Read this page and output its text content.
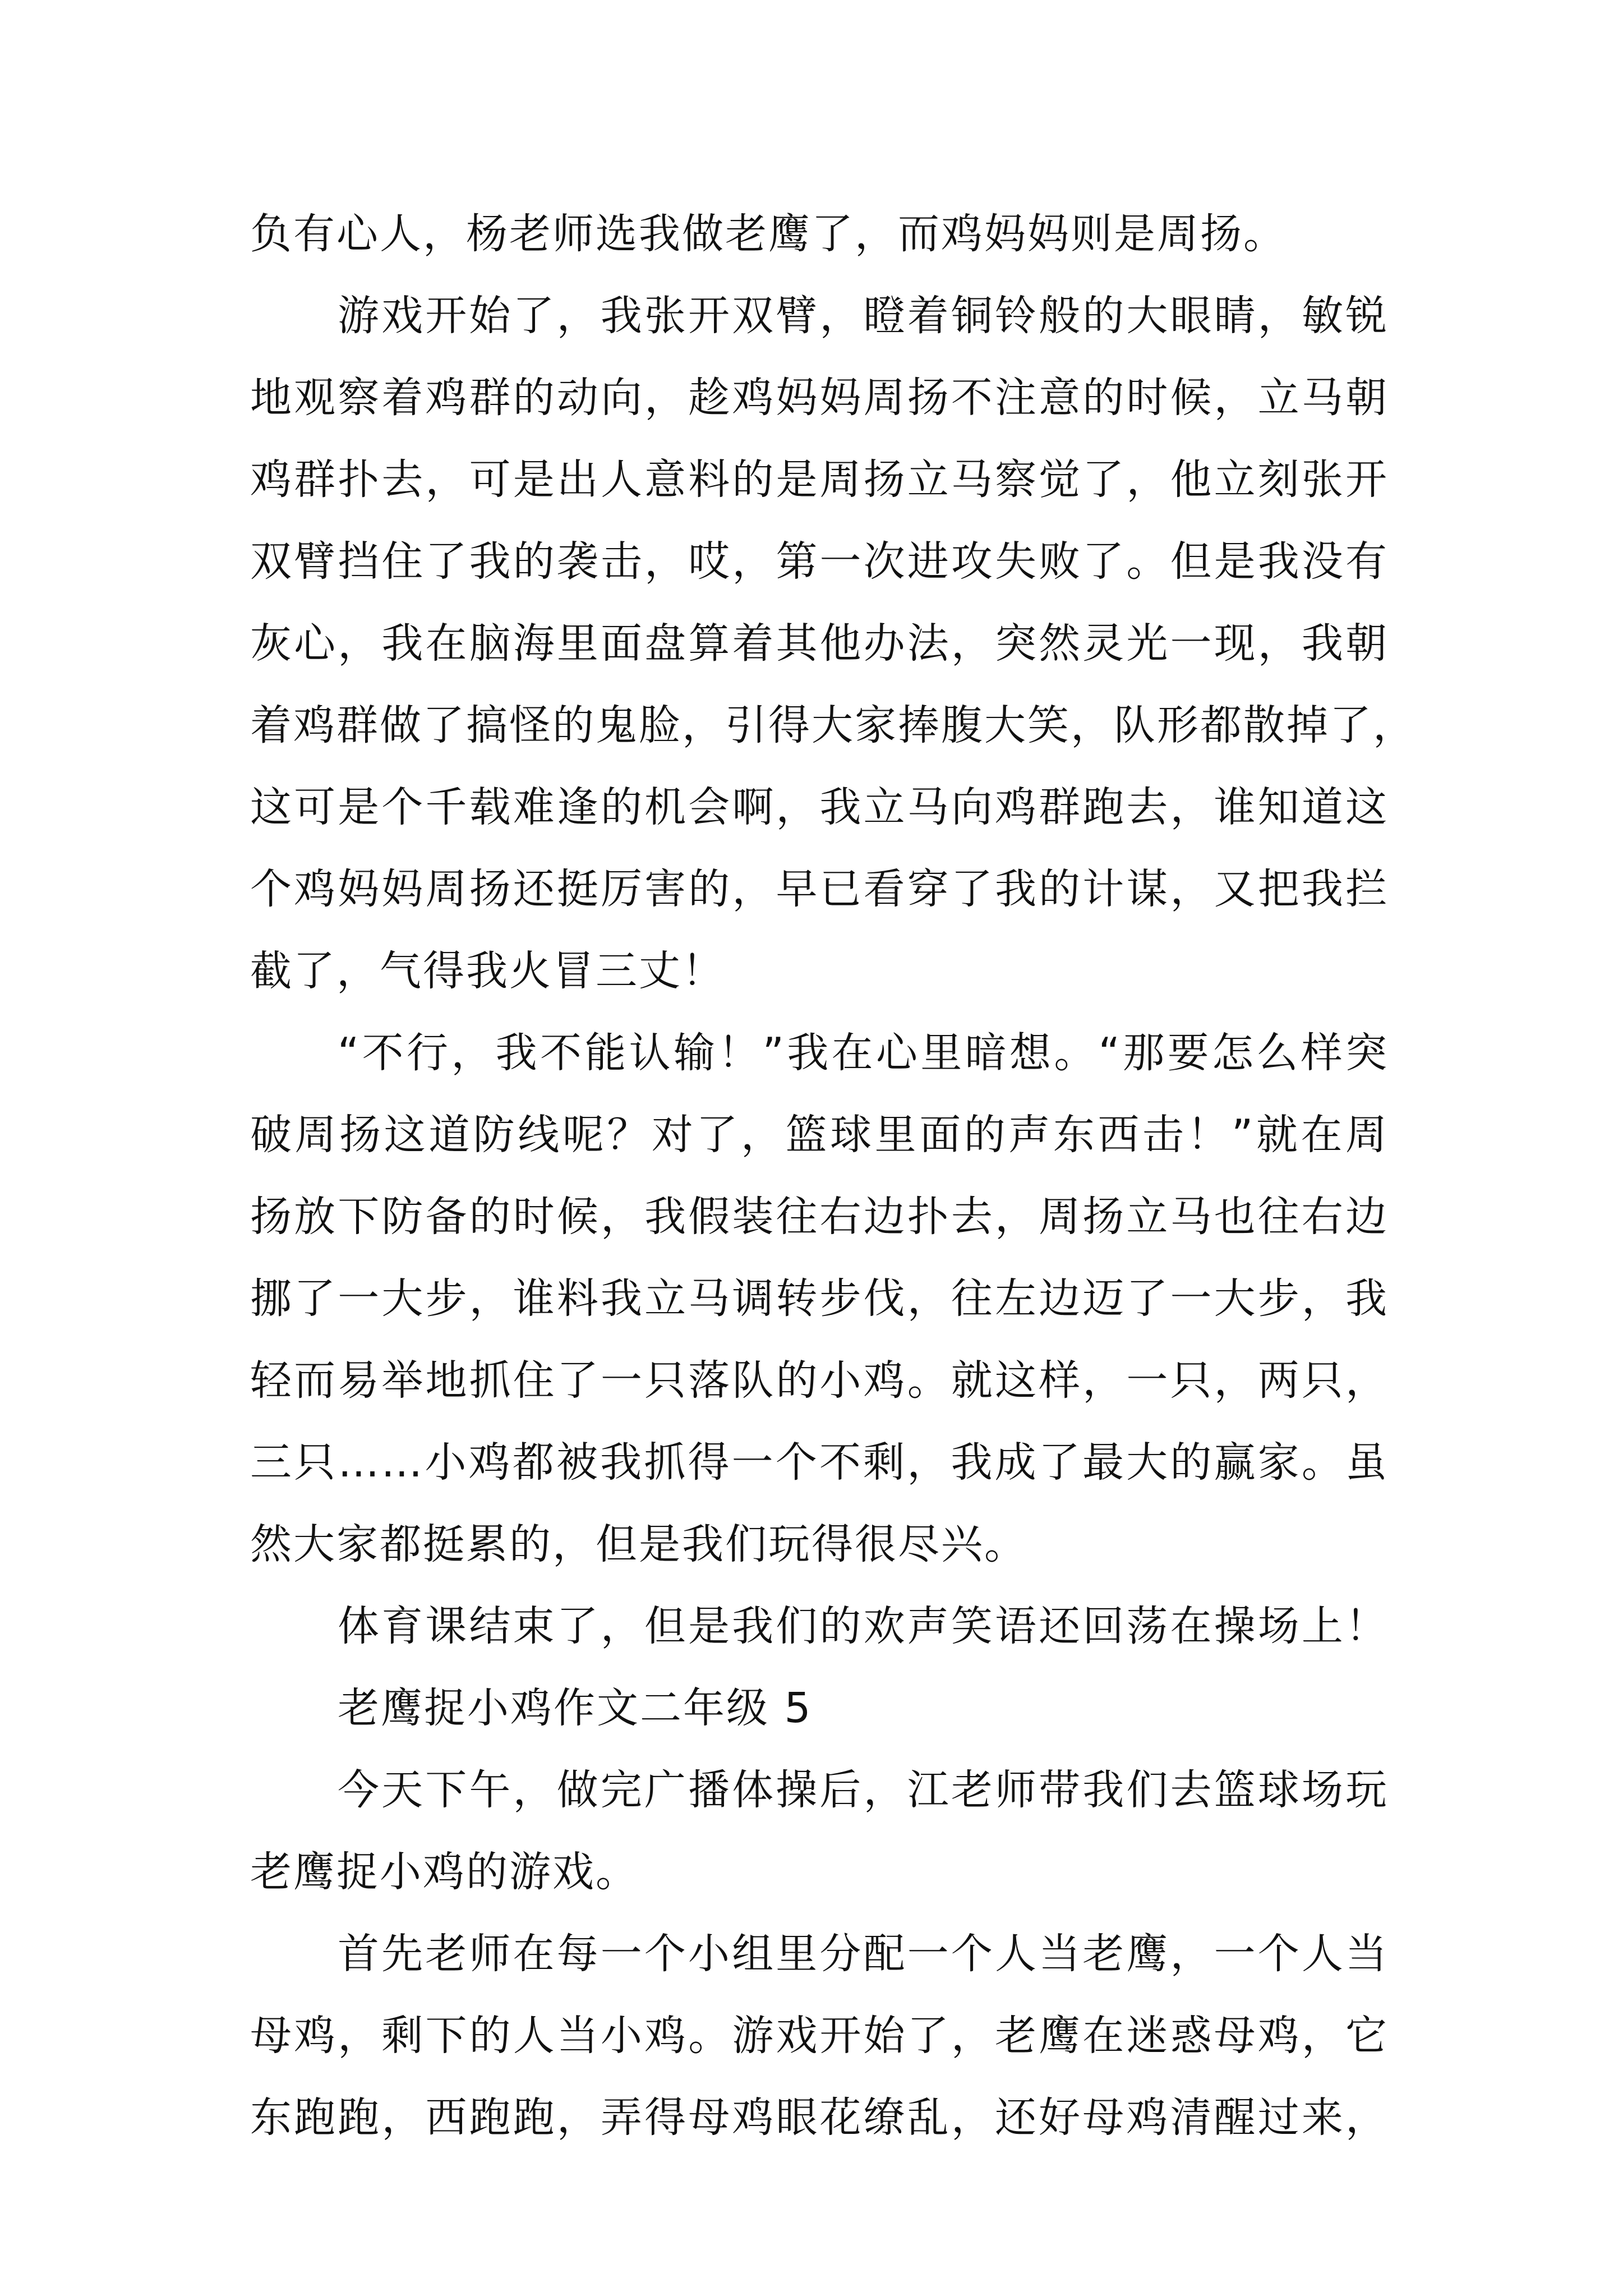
负有心人，杨老师选我做老鹰了，而鸡妈妈则是周扬。
游戏开始了，我张开双臂，瞪着铜铃般的大眼睛，敏锐
地观察着鸡群的动向，趁鸡妈妈周扬不注意的时候，立马朝
鸡群扑去，可是出人意料的是周扬立马察觉了，他立刻张开
双臂挡住了我的袭击，哎，第一次进攻失败了。但是我没有
灰心，我在脑海里面盘算着其他办法，突然灵光一现，我朝
着鸡群做了搞怪的鬼脸，引得大家捧腹大笑，队形都散掉了，
这可是个千载难逢的机会啊，我立马向鸡群跑去，谁知道这
个鸡妈妈周扬还挺厉害的，早已看穿了我的计谋，又把我拦
截了，气得我火冒三丈！
“不行，我不能认输！”我在心里暗想。“那要怎么样突
破周扬这道防线呢？对了，篮球里面的声东西击！”就在周
扬放下防备的时候，我假装往右边扑去，周扬立马也往右边
挪了一大步，谁料我立马调转步伐，往左边迈了一大步，我
轻而易举地抓住了一只落队的小鸡。就这样，一只，两只，
三只……小鸡都被我抓得一个不剩，我成了最大的赢家。虽
然大家都挺累的，但是我们玩得很尽兴。
体育课结束了，但是我们的欢声笑语还回荡在操场上！
老鹰捉小鸡作文二年级 5
今天下午，做完广播体操后，江老师带我们去篮球场玩
老鹰捉小鸡的游戏。
首先老师在每一个小组里分配一个人当老鹰，一个人当
母鸡，剩下的人当小鸡。游戏开始了，老鹰在迷惑母鸡，它
东跑跑，西跑跑，弄得母鸡眼花缭乱，还好母鸡清醒过来，
